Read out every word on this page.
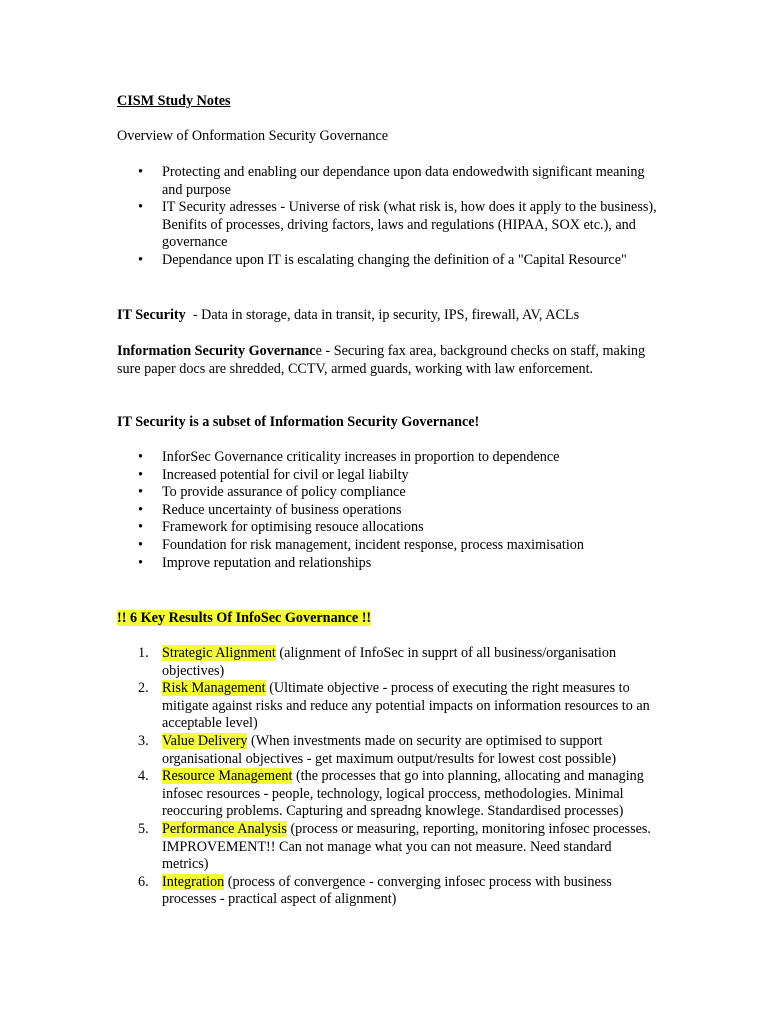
CISM Study Notes
Overview of Onformation Security Governance
• Protecting and enabling our dependance upon data endowedwith significant meaning and purpose
• IT Security adresses - Universe of risk (what risk is, how does it apply to the business), Benifits of processes, driving factors, laws and regulations (HIPAA, SOX etc.), and governance
• Dependance upon IT is escalating changing the definition of a "Capital Resource"
IT Security  - Data in storage, data in transit, ip security, IPS, firewall, AV, ACLs
Information Security Governance - Securing fax area, background checks on staff, making sure paper docs are shredded, CCTV, armed guards, working with law enforcement.
IT Security is a subset of Information Security Governance!
• InforSec Governance criticality increases in proportion to dependence
• Increased potential for civil or legal liabilty
• To provide assurance of policy compliance
• Reduce uncertainty of business operations
• Framework for optimising resouce allocations
• Foundation for risk management, incident response, process maximisation
• Improve reputation and relationships
!! 6 Key Results Of InfoSec Governance !!
1. Strategic Alignment (alignment of InfoSec in supprt of all business/organisation objectives)
2. Risk Management (Ultimate objective - process of executing the right measures to mitigate against risks and reduce any potential impacts on information resources to an acceptable level)
3. Value Delivery (When investments made on security are optimised to support organisational objectives - get maximum output/results for lowest cost possible)
4. Resource Management (the processes that go into planning, allocating and managing infosec resources - people, technology, logical proccess, methodologies. Minimal reoccuring problems. Capturing and spreadng knowlege. Standardised processes)
5. Performance Analysis (process or measuring, reporting, monitoring infosec processes. IMPROVEMENT!! Can not manage what you can not measure. Need standard metrics)
6. Integration (process of convergence - converging infosec process with business processes - practical aspect of alignment)
